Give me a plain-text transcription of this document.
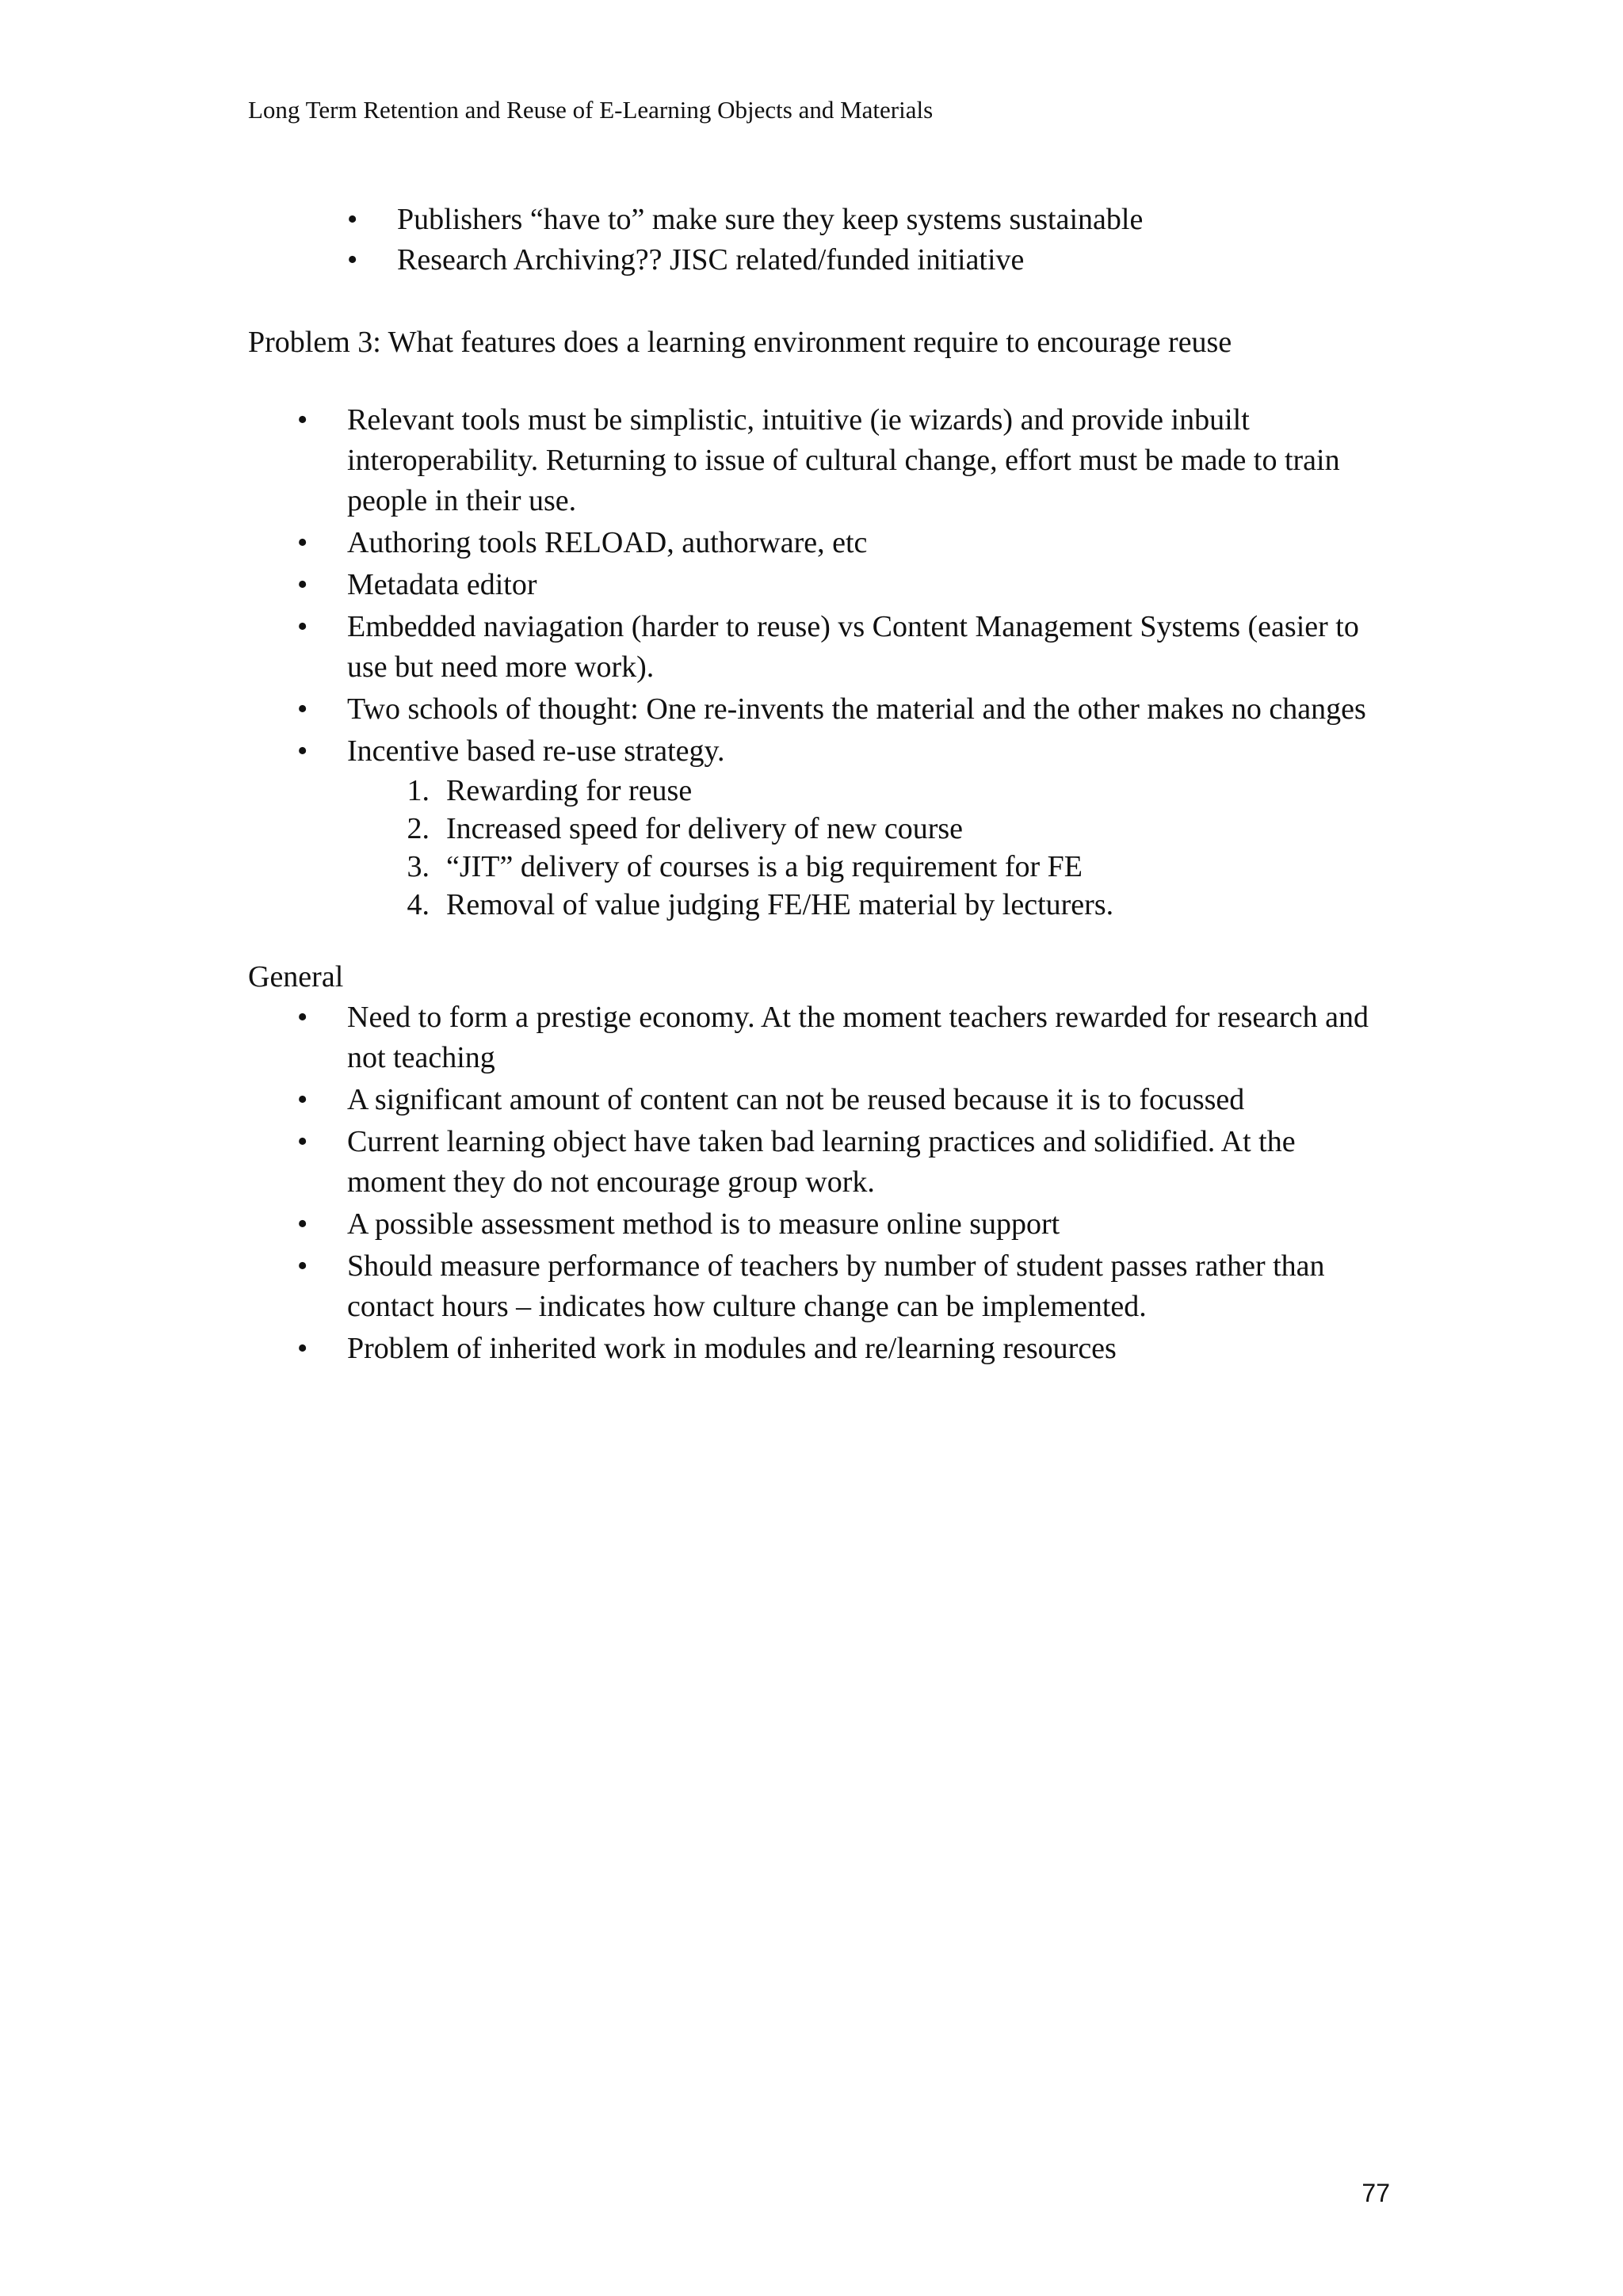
Long Term Retention and Reuse of E-Learning Objects and Materials
• Publishers “have to” make sure they keep systems sustainable
• Research Archiving?? JISC related/funded initiative
Problem 3: What features does a learning environment require to encourage reuse
• Relevant tools must be simplistic, intuitive (ie wizards) and provide inbuilt interoperability. Returning to issue of cultural change, effort must be made to train people in their use.
• Authoring tools RELOAD, authorware, etc
• Metadata editor
• Embedded naviagation (harder to reuse) vs Content Management Systems (easier to use but need more work).
• Two schools of thought: One re-invents the material and the other makes no changes
• Incentive based re-use strategy.
1. Rewarding for reuse
2. Increased speed for delivery of new course
3. “JIT” delivery of courses is a big requirement for FE
4. Removal of value judging FE/HE material by lecturers.
General
• Need to form a prestige economy. At the moment teachers rewarded for research and not teaching
• A significant amount of content can not be reused because it is to focussed
• Current learning object have taken bad learning practices and solidified. At the moment they do not encourage group work.
• A possible assessment method is to measure online support
• Should measure performance of teachers by number of student passes rather than contact hours – indicates how culture change can be implemented.
• Problem of inherited work in modules and re/learning resources
77
